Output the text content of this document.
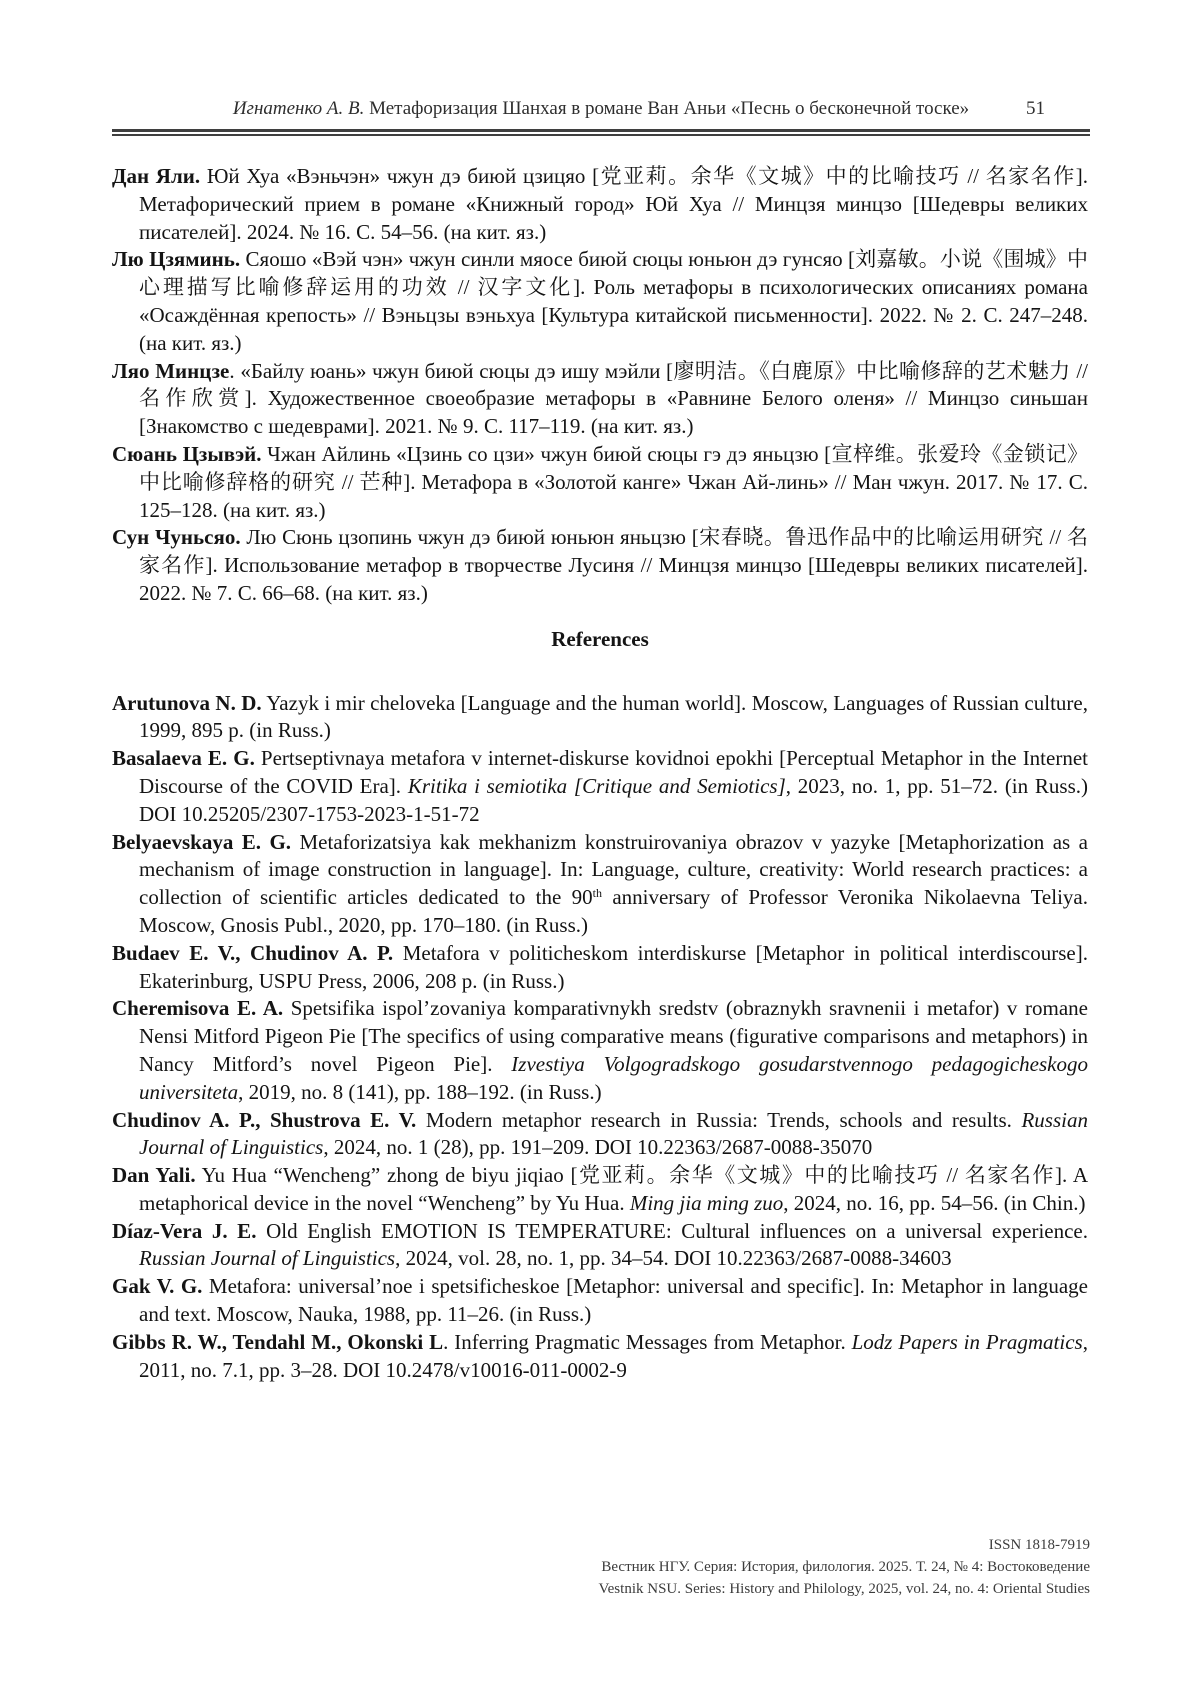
Игнатенко А. В. Метафоризация Шанхая в романе Ван Аньи «Песнь о бесконечной тоске»	51

Дан Яли. Юй Хуа «Вэньчэн» чжун дэ биюй цзицяо [党亚莉。余华《文城》中的比喻技巧 // 名家名作]. Метафорический прием в романе «Книжный город» Юй Хуа // Минцзя минцзо [Шедевры великих писателей]. 2024. № 16. С. 54–56. (на кит. яз.)

Лю Цзяминь. Сяошо «Вэй чэн» чжун синли мяосе биюй сюцы юньюн дэ гунсяо [刘嘉敏。小说《围城》中心理描写比喻修辞运用的功效 // 汉字文化]. Роль метафоры в психологических описаниях романа «Осаждённая крепость» // Вэньцзы вэньхуа [Культура китайской письменности]. 2022. № 2. С. 247–248. (на кит. яз.)

Ляо Минцзе. «Байлу юань» чжун биюй сюцы дэ ишу мэйли [廖明洁。《白鹿原》中比喻修辞的艺术魅力 // 名作欣赏]. Художественное своеобразие метафоры в «Равнине Белого оленя» // Минцзо синьшан [Знакомство с шедеврами]. 2021. № 9. С. 117–119. (на кит. яз.)

Сюань Цзывэй. Чжан Айлинь «Цзинь со цзи» чжун биюй сюцы гэ дэ яньцзю [宣梓维。张爱玲《金锁记》中比喻修辞格的研究 // 芒种]. Метафора в «Золотой канге» Чжан Ай-линь» // Ман чжун. 2017. № 17. С. 125–128. (на кит. яз.)

Сун Чуньсяо. Лю Сюнь цзопинь чжун дэ биюй юньюн яньцзю [宋春晓。鲁迅作品中的比喻运用研究 // 名家名作]. Использование метафор в творчестве Лусиня // Минцзя минцзо [Шедевры великих писателей]. 2022. № 7. С. 66–68. (на кит. яз.)

References

Arutunova N. D. Yazyk i mir cheloveka [Language and the human world]. Moscow, Languages of Russian culture, 1999, 895 p. (in Russ.)

Basalaeva E. G. Pertseptivnaya metafora v internet-diskurse kovidnoi epokhi [Perceptual Metaphor in the Internet Discourse of the COVID Era]. Kritika i semiotika [Critique and Semiotics], 2023, no. 1, pp. 51–72. (in Russ.) DOI 10.25205/2307-1753-2023-1-51-72

Belyaevskaya E. G. Metaforizatsiya kak mekhanizm konstruirovaniya obrazov v yazyke [Metaphorization as a mechanism of image construction in language]. In: Language, culture, creativity: World research practices: a collection of scientific articles dedicated to the 90th anniversary of Professor Veronika Nikolaevna Teliya. Moscow, Gnosis Publ., 2020, pp. 170–180. (in Russ.)

Budaev E. V., Chudinov A. P. Metafora v politicheskom interdiskurse [Metaphor in political interdiscourse]. Ekaterinburg, USPU Press, 2006, 208 p. (in Russ.)

Cheremisova E. A. Spetsifika ispol’zovaniya komparativnykh sredstv (obraznykh sravnenii i metafor) v romane Nensi Mitford Pigeon Pie [The specifics of using comparative means (figurative comparisons and metaphors) in Nancy Mitford’s novel Pigeon Pie]. Izvestiya Volgogradskogo gosudarstvennogo pedagogicheskogo universiteta, 2019, no. 8 (141), pp. 188–192. (in Russ.)

Chudinov A. P., Shustrova E. V. Modern metaphor research in Russia: Trends, schools and results. Russian Journal of Linguistics, 2024, no. 1 (28), pp. 191–209. DOI 10.22363/2687-0088-35070

Dan Yali. Yu Hua “Wencheng” zhong de biyu jiqiao [党亚莉。余华《文城》中的比喻技巧 // 名家名作]. A metaphorical device in the novel “Wencheng” by Yu Hua. Ming jia ming zuo, 2024, no. 16, pp. 54–56. (in Chin.)

Díaz-Vera J. E. Old English EMOTION IS TEMPERATURE: Cultural influences on a universal experience. Russian Journal of Linguistics, 2024, vol. 28, no. 1, pp. 34–54. DOI 10.22363/2687-0088-34603

Gak V. G. Metafora: universal’noe i spetsificheskoe [Metaphor: universal and specific]. In: Metaphor in language and text. Moscow, Nauka, 1988, pp. 11–26. (in Russ.)

Gibbs R. W., Tendahl M., Okonski L. Inferring Pragmatic Messages from Metaphor. Lodz Papers in Pragmatics, 2011, no. 7.1, pp. 3–28. DOI 10.2478/v10016-011-0002-9

ISSN 1818-7919

Вестник НГУ. Серия: История, филология. 2025. Т. 24, № 4: Востоковедение

Vestnik NSU. Series: History and Philology, 2025, vol. 24, no. 4: Oriental Studies
